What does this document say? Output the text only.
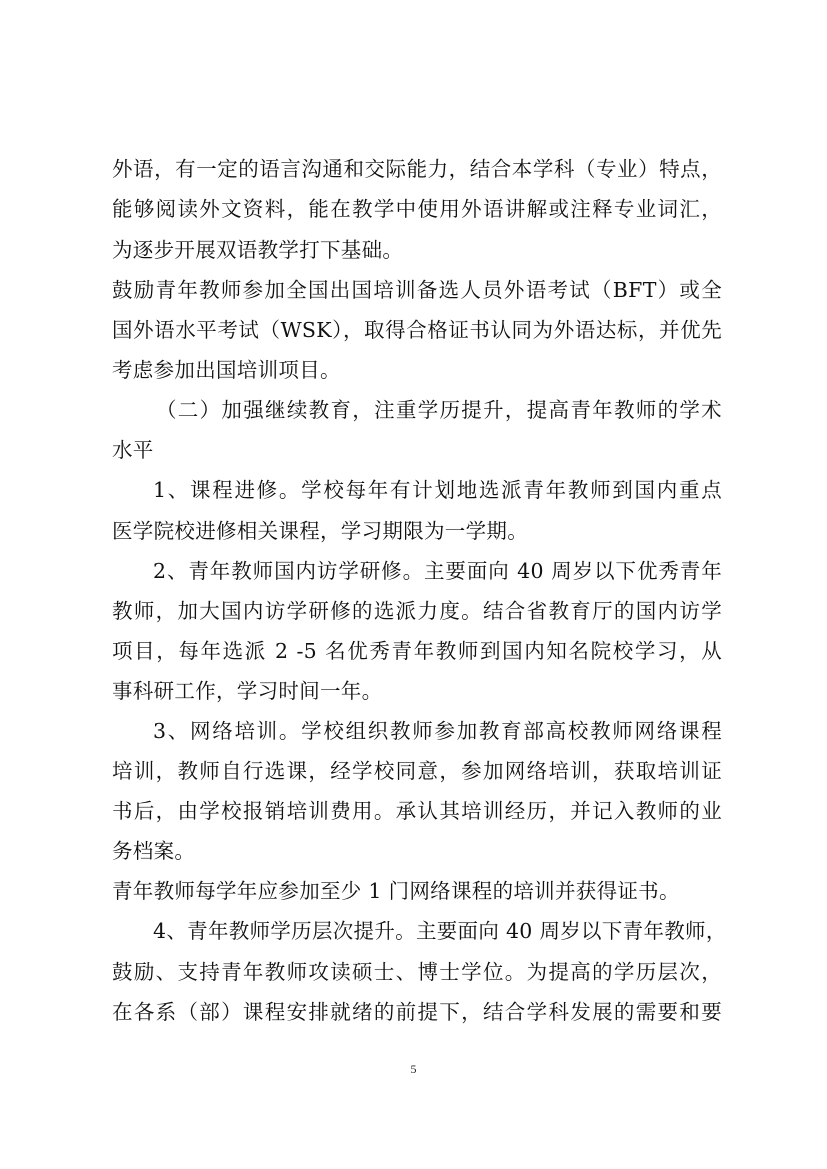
外语，有一定的语言沟通和交际能力，结合本学科（专业）特点，
能够阅读外文资料，能在教学中使用外语讲解或注释专业词汇，
为逐步开展双语教学打下基础。
鼓励青年教师参加全国出国培训备选人员外语考试（BFT）或全
国外语水平考试（WSK），取得合格证书认同为外语达标，并优先
考虑参加出国培训项目。
（二）加强继续教育，注重学历提升，提高青年教师的学术
水平
1、课程进修。学校每年有计划地选派青年教师到国内重点
医学院校进修相关课程，学习期限为一学期。
2、青年教师国内访学研修。主要面向 40 周岁以下优秀青年
教师，加大国内访学研修的选派力度。结合省教育厅的国内访学
项目，每年选派 2 -5 名优秀青年教师到国内知名院校学习，从
事科研工作，学习时间一年。
3、网络培训。学校组织教师参加教育部高校教师网络课程
培训，教师自行选课，经学校同意，参加网络培训，获取培训证
书后，由学校报销培训费用。承认其培训经历，并记入教师的业
务档案。
青年教师每学年应参加至少 1 门网络课程的培训并获得证书。
4、青年教师学历层次提升。主要面向 40 周岁以下青年教师，
鼓励、支持青年教师攻读硕士、博士学位。为提高的学历层次，
在各系（部）课程安排就绪的前提下，结合学科发展的需要和要
5
